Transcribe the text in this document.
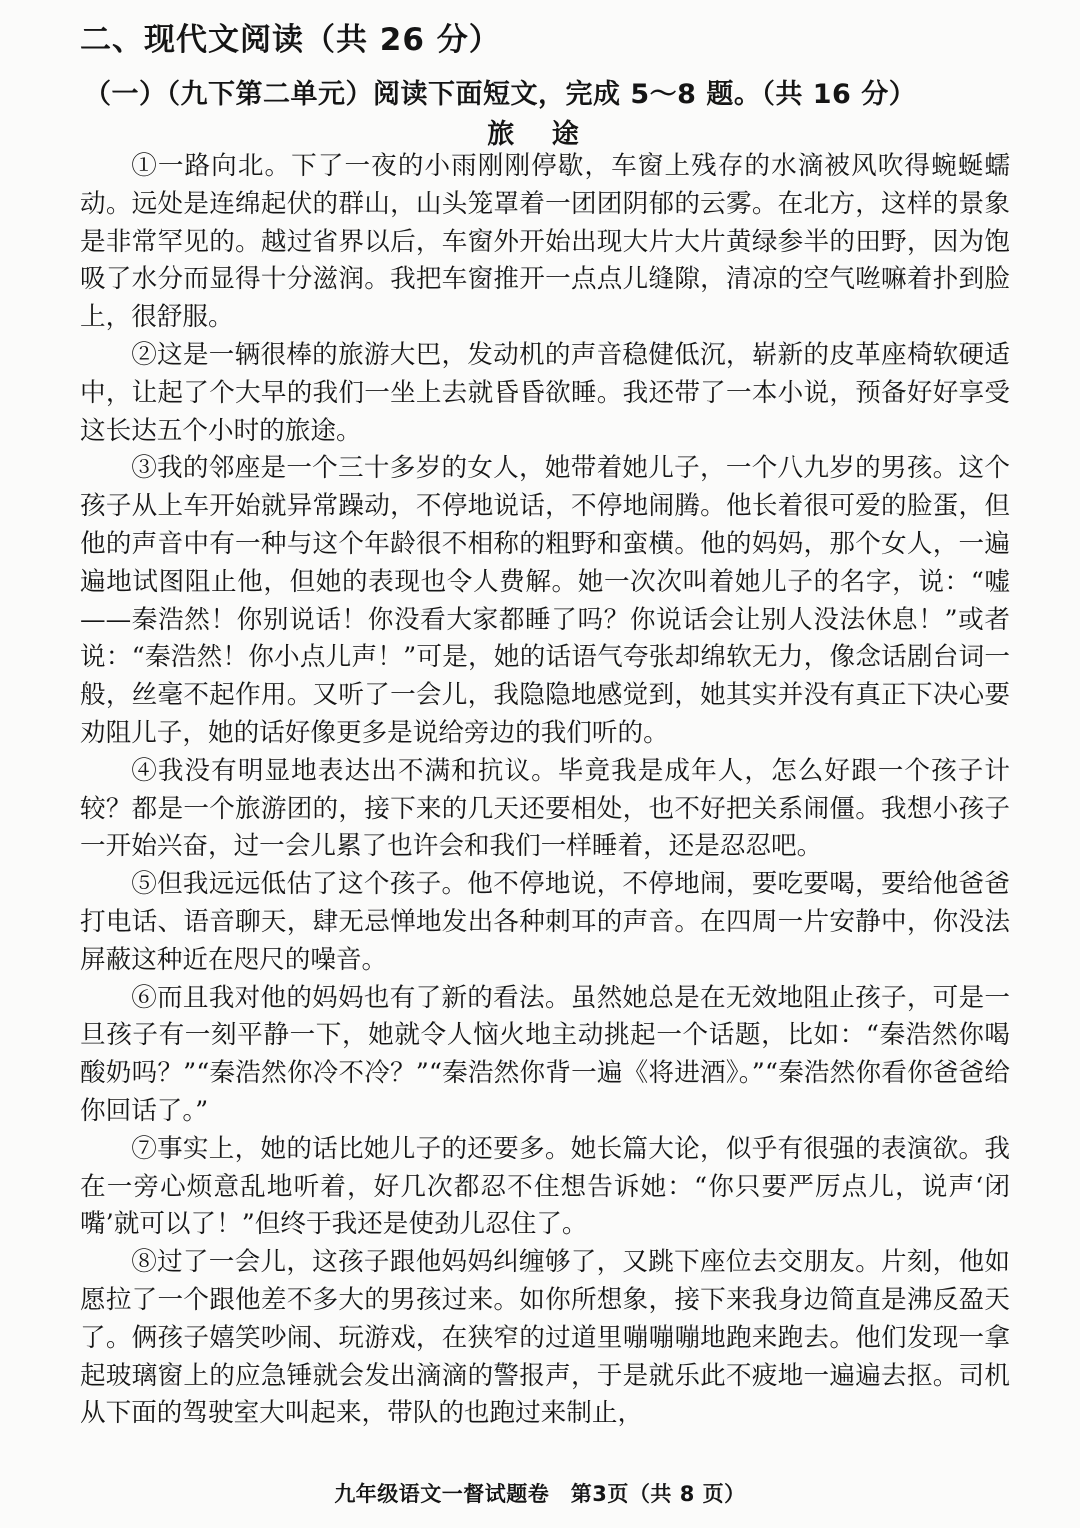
二、现代文阅读（共 26 分）
（一）（九下第二单元）阅读下面短文，完成 5～8 题。（共 16 分）
旅 途

①一路向北。下了一夜的小雨刚刚停歇，车窗上残存的水滴被风吹得蜿蜒蠕动。远处是连绵起伏的群山，山头笼罩着一团团阴郁的云雾。在北方，这样的景象是非常罕见的。越过省界以后，车窗外开始出现大片大片黄绿参半的田野，因为饱吸了水分而显得十分滋润。我把车窗推开一点点儿缝隙，清凉的空气咝嘛着扑到脸上，很舒服。

②这是一辆很棒的旅游大巴，发动机的声音稳健低沉，崭新的皮革座椅软硬适中，让起了个大早的我们一坐上去就昏昏欲睡。我还带了一本小说，预备好好享受这长达五个小时的旅途。

③我的邻座是一个三十多岁的女人，她带着她儿子，一个八九岁的男孩。这个孩子从上车开始就异常躁动，不停地说话，不停地闹腾。他长着很可爱的脸蛋，但他的声音中有一种与这个年龄很不相称的粗野和蛮横。他的妈妈，那个女人，一遍遍地试图阻止他，但她的表现也令人费解。她一次次叫着她儿子的名字，说：“嘘——秦浩然！你别说话！你没看大家都睡了吗？你说话会让别人没法休息！”或者说：“秦浩然！你小点儿声！”可是，她的话语气夸张却绵软无力，像念话剧台词一般，丝毫不起作用。又听了一会儿，我隐隐地感觉到，她其实并没有真正下决心要劝阻儿子，她的话好像更多是说给旁边的我们听的。

④我没有明显地表达出不满和抗议。毕竟我是成年人，怎么好跟一个孩子计较？都是一个旅游团的，接下来的几天还要相处，也不好把关系闹僵。我想小孩子一开始兴奋，过一会儿累了也许会和我们一样睡着，还是忍忍吧。

⑤但我远远低估了这个孩子。他不停地说，不停地闹，要吃要喝，要给他爸爸打电话、语音聊天，肆无忌惮地发出各种刺耳的声音。在四周一片安静中，你没法屏蔽这种近在咫尺的噪音。

⑥而且我对他的妈妈也有了新的看法。虽然她总是在无效地阻止孩子，可是一旦孩子有一刻平静一下，她就令人恼火地主动挑起一个话题，比如：“秦浩然你喝酸奶吗？”“秦浩然你冷不冷？”“秦浩然你背一遍《将进酒》。”“秦浩然你看你爸爸给你回话了。”

⑦事实上，她的话比她儿子的还要多。她长篇大论，似乎有很强的表演欲。我在一旁心烦意乱地听着，好几次都忍不住想告诉她：“你只要严厉点儿，说声‘闭嘴’就可以了！”但终于我还是使劲儿忍住了。

⑧过了一会儿，这孩子跟他妈妈纠缠够了，又跳下座位去交朋友。片刻，他如愿拉了一个跟他差不多大的男孩过来。如你所想象，接下来我身边简直是沸反盈天了。俩孩子嬉笑吵闹、玩游戏，在狭窄的过道里嘣嘣嘣地跑来跑去。他们发现一拿起玻璃窗上的应急锤就会发出滴滴的警报声，于是就乐此不疲地一遍遍去抠。司机从下面的驾驶室大叫起来，带队的也跑过来制止，

九年级语文一督试题卷　第3页（共 8 页）
